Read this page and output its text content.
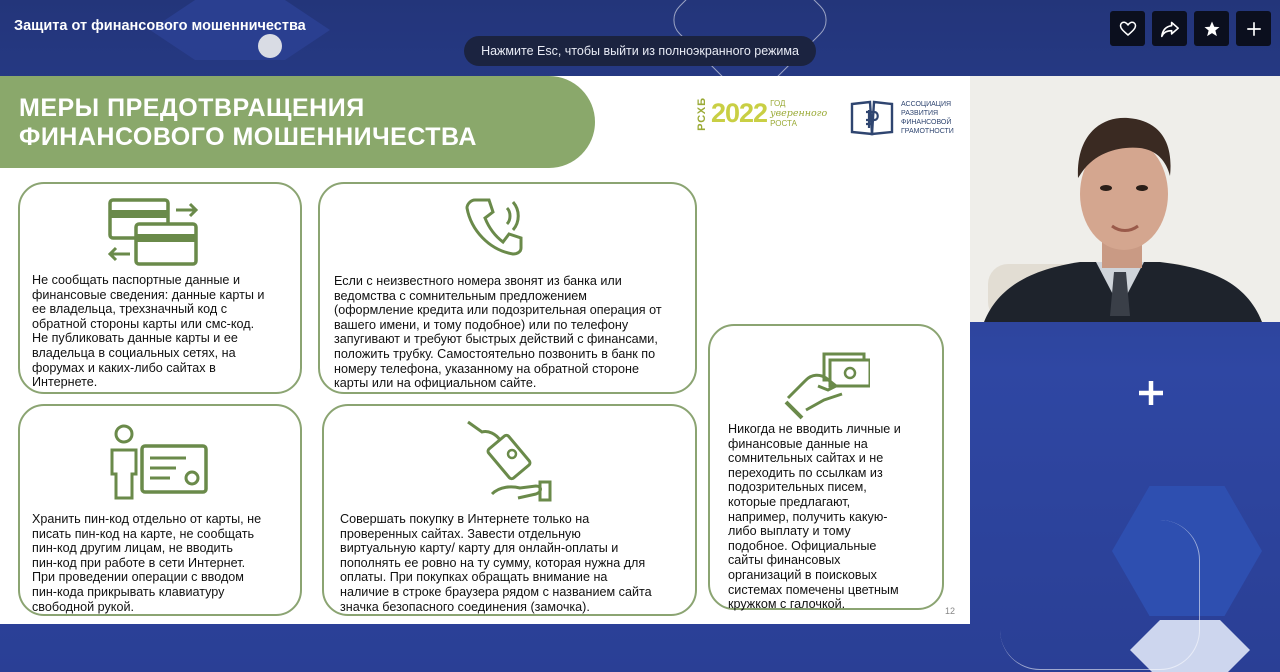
Защита от финансового мошенничества
Нажмите Esc, чтобы выйти из полноэкранного режима
МЕРЫ ПРЕДОТВРАЩЕНИЯ
ФИНАНСОВОГО МОШЕННИЧЕСТВА
РСХБ 2022 ГОД
уверенного
РОСТА
АССОЦИАЦИЯ
РАЗВИТИЯ
ФИНАНСОВОЙ
ГРАМОТНОСТИ
Не сообщать паспортные данные и
финансовые сведения: данные карты и
ее владельца, трехзначный код с
обратной стороны карты или смс-код.
Не публиковать данные карты и ее
владельца в социальных сетях, на
форумах и каких-либо сайтах в
Интернете.
Если с неизвестного номера звонят из банка или
ведомства с сомнительным предложением
(оформление кредита или подозрительная операция от
вашего имени, и тому подобное) или по телефону
запугивают и требуют быстрых действий с финансами,
положить трубку. Самостоятельно позвонить в банк по
номеру телефона, указанному на обратной стороне
карты или на официальном сайте.
Никогда не вводить личные и
финансовые данные на
сомнительных сайтах и не
переходить по ссылкам из
подозрительных писем,
которые предлагают,
например, получить какую-
либо выплату и тому
подобное. Официальные
сайты финансовых
организаций в поисковых
системах помечены цветным
кружком с галочкой.
Хранить пин-код отдельно от карты, не
писать пин-код на карте, не сообщать
пин-код другим лицам, не вводить
пин-код при работе в сети Интернет.
При проведении операции с вводом
пин-кода прикрывать клавиатуру
свободной рукой.
Совершать покупку в Интернете только на
проверенных сайтах. Завести отдельную
виртуальную карту/ карту для онлайн-оплаты и
пополнять ее ровно на ту сумму, которая нужна для
оплаты. При покупках обращать внимание на
наличие в строке браузера рядом с названием сайта
значка безопасного соединения (замочка).	12
